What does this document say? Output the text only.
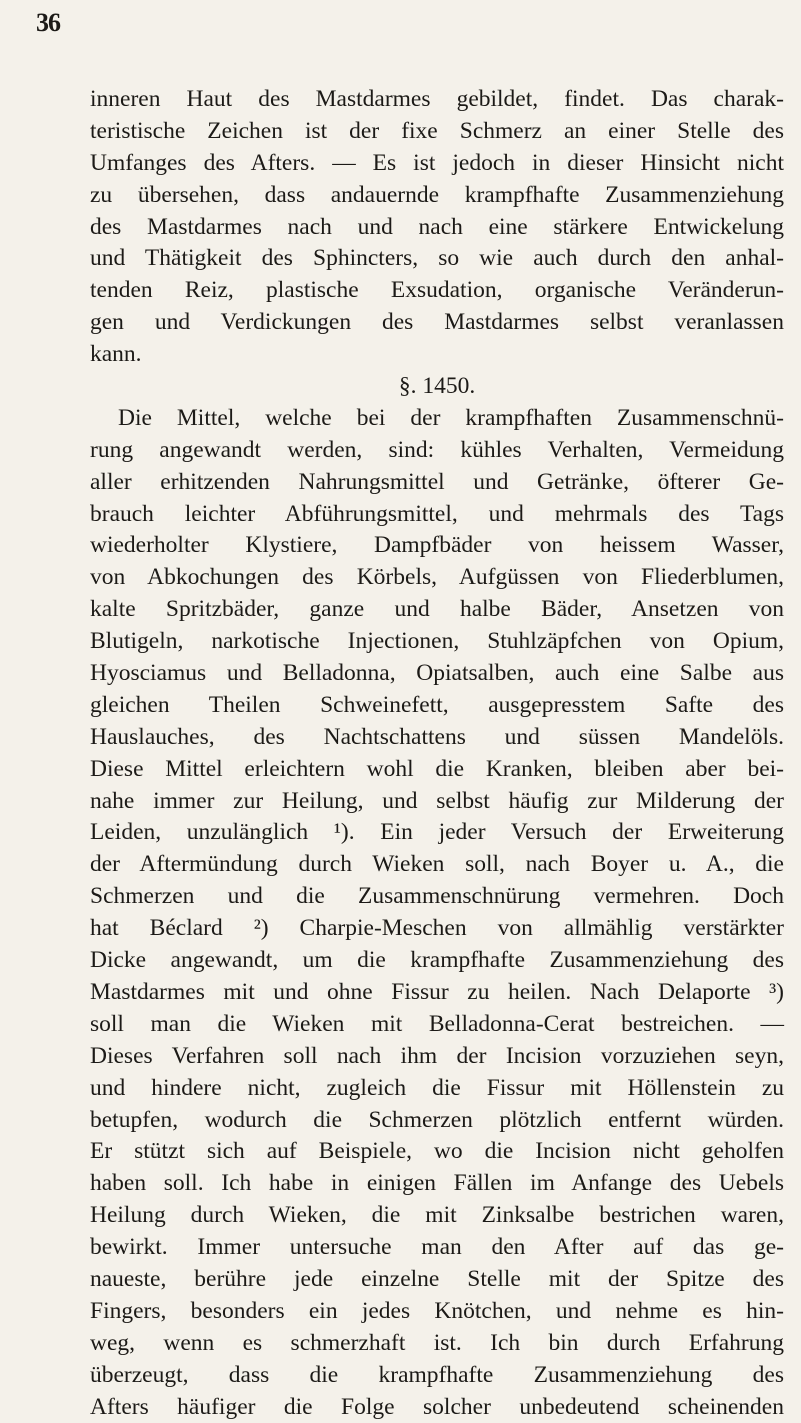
36
inneren Haut des Mastdarmes gebildet, findet. Das charak-
teristische Zeichen ist der fixe Schmerz an einer Stelle des
Umfanges des Afters. — Es ist jedoch in dieser Hinsicht nicht
zu übersehen, dass andauernde krampfhafte Zusammenziehung
des Mastdarmes nach und nach eine stärkere Entwickelung
und Thätigkeit des Sphincters, so wie auch durch den anhal-
tenden Reiz, plastische Exsudation, organische Veränderun-
gen und Verdickungen des Mastdarmes selbst veranlassen
kann.
§. 1450.
Die Mittel, welche bei der krampfhaften Zusammenschnü-
rung angewandt werden, sind: kühles Verhalten, Vermeidung
aller erhitzenden Nahrungsmittel und Getränke, öfterer Ge-
brauch leichter Abführungsmittel, und mehrmals des Tags
wiederholter Klystiere, Dampfbäder von heissem Wasser,
von Abkochungen des Körbels, Aufgüssen von Fliederblumen,
kalte Spritzbäder, ganze und halbe Bäder, Ansetzen von
Blutigeln, narkotische Injectionen, Stuhlzäpfchen von Opium,
Hyosciamus und Belladonna, Opiatsalben, auch eine Salbe aus
gleichen Theilen Schweinefett, ausgepresstem Safte des
Hauslauches, des Nachtschattens und süssen Mandelöls.
Diese Mittel erleichtern wohl die Kranken, bleiben aber bei-
nahe immer zur Heilung, und selbst häufig zur Milderung der
Leiden, unzulänglich ¹). Ein jeder Versuch der Erweiterung
der Aftermündung durch Wieken soll, nach Boyer u. A., die
Schmerzen und die Zusammenschnürung vermehren. Doch
hat Béclard ²) Charpie-Meschen von allmählig verstärkter
Dicke angewandt, um die krampfhafte Zusammenziehung des
Mastdarmes mit und ohne Fissur zu heilen. Nach Delaporte ³)
soll man die Wieken mit Belladonna-Cerat bestreichen. —
Dieses Verfahren soll nach ihm der Incision vorzuziehen seyn,
und hindere nicht, zugleich die Fissur mit Höllenstein zu
betupfen, wodurch die Schmerzen plötzlich entfernt würden.
Er stützt sich auf Beispiele, wo die Incision nicht geholfen
haben soll. Ich habe in einigen Fällen im Anfange des Uebels
Heilung durch Wieken, die mit Zinksalbe bestrichen waren,
bewirkt. Immer untersuche man den After auf das ge-
naueste, berühre jede einzelne Stelle mit der Spitze des
Fingers, besonders ein jedes Knötchen, und nehme es hin-
weg, wenn es schmerzhaft ist. Ich bin durch Erfahrung
überzeugt, dass die krampfhafte Zusammenziehung des
Afters häufiger die Folge solcher unbedeutend scheinenden
